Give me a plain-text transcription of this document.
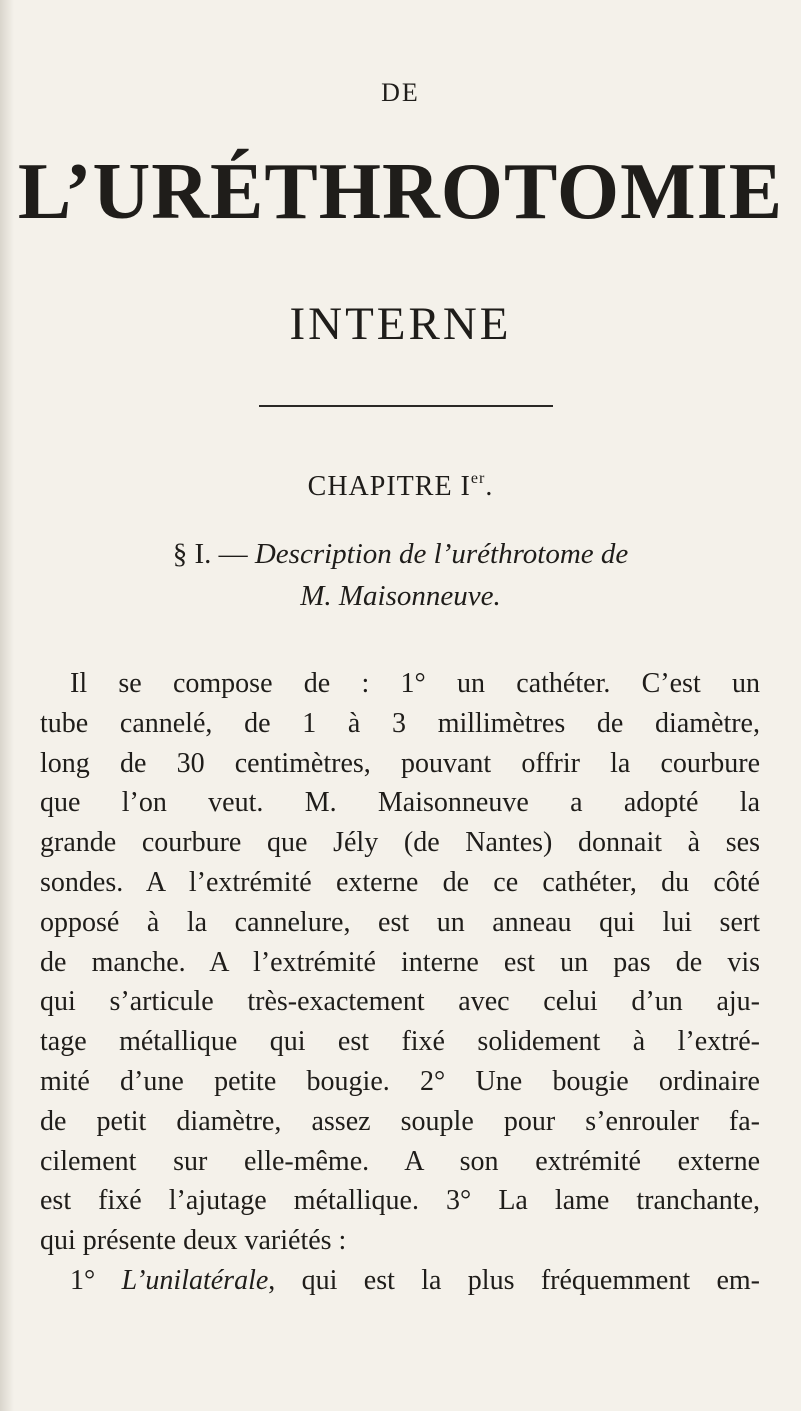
DE
L’URÉTHROTOMIE
INTERNE
CHAPITRE Ier.
§ I. — Description de l’uréthrotome de
M. Maisonneuve.
Il se compose de : 1° un cathéter. C’est un
tube cannelé, de 1 à 3 millimètres de diamètre,
long de 30 centimètres, pouvant offrir la courbure
que l’on veut. M. Maisonneuve a adopté la
grande courbure que Jély (de Nantes) donnait à ses
sondes. A l’extrémité externe de ce cathéter, du côté
opposé à la cannelure, est un anneau qui lui sert
de manche. A l’extrémité interne est un pas de vis
qui s’articule très-exactement avec celui d’un aju-
tage métallique qui est fixé solidement à l’extré-
mité d’une petite bougie. 2° Une bougie ordinaire
de petit diamètre, assez souple pour s’enrouler fa-
cilement sur elle-même. A son extrémité externe
est fixé l’ajutage métallique. 3° La lame tranchante,
qui présente deux variétés :
1° L’unilatérale, qui est la plus fréquemment em-
